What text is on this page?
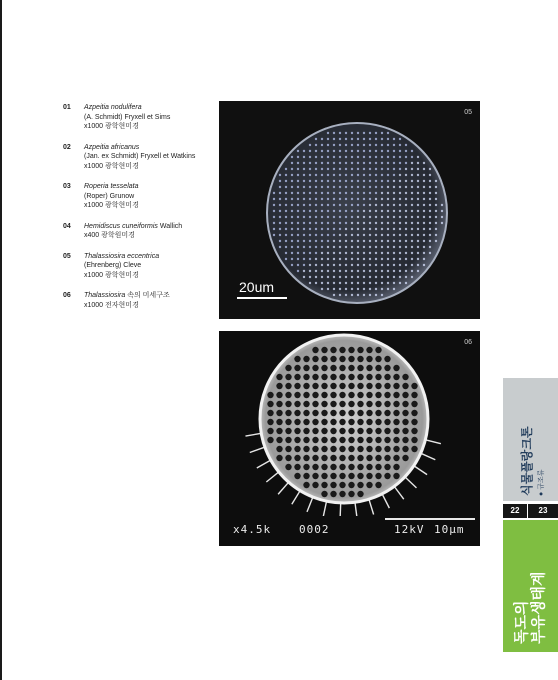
01 Azpeitia nodulifera
(A. Schmidt) Fryxell et Sims
x1000 광학현미경
02 Azpeitia africanus
(Jan. ex Schmidt) Fryxell et Watkins
x1000 광학현미경
03 Roperia tesselata
(Roper) Grunow
x1000 광학현미경
04 Hemidiscus cuneiformis Wallich
x400 광학원미경
05 Thalassiosira eccentrica
(Ehrenberg) Cleve
x1000 광학현미경
06 Thalassiosira 속의 미세구조
x1000 전자현미경
05
20um
06
x4.5k	0002	12kV 10µm
식물플랑크톤 ● 규조류
22	23
독도의 부유생태계
